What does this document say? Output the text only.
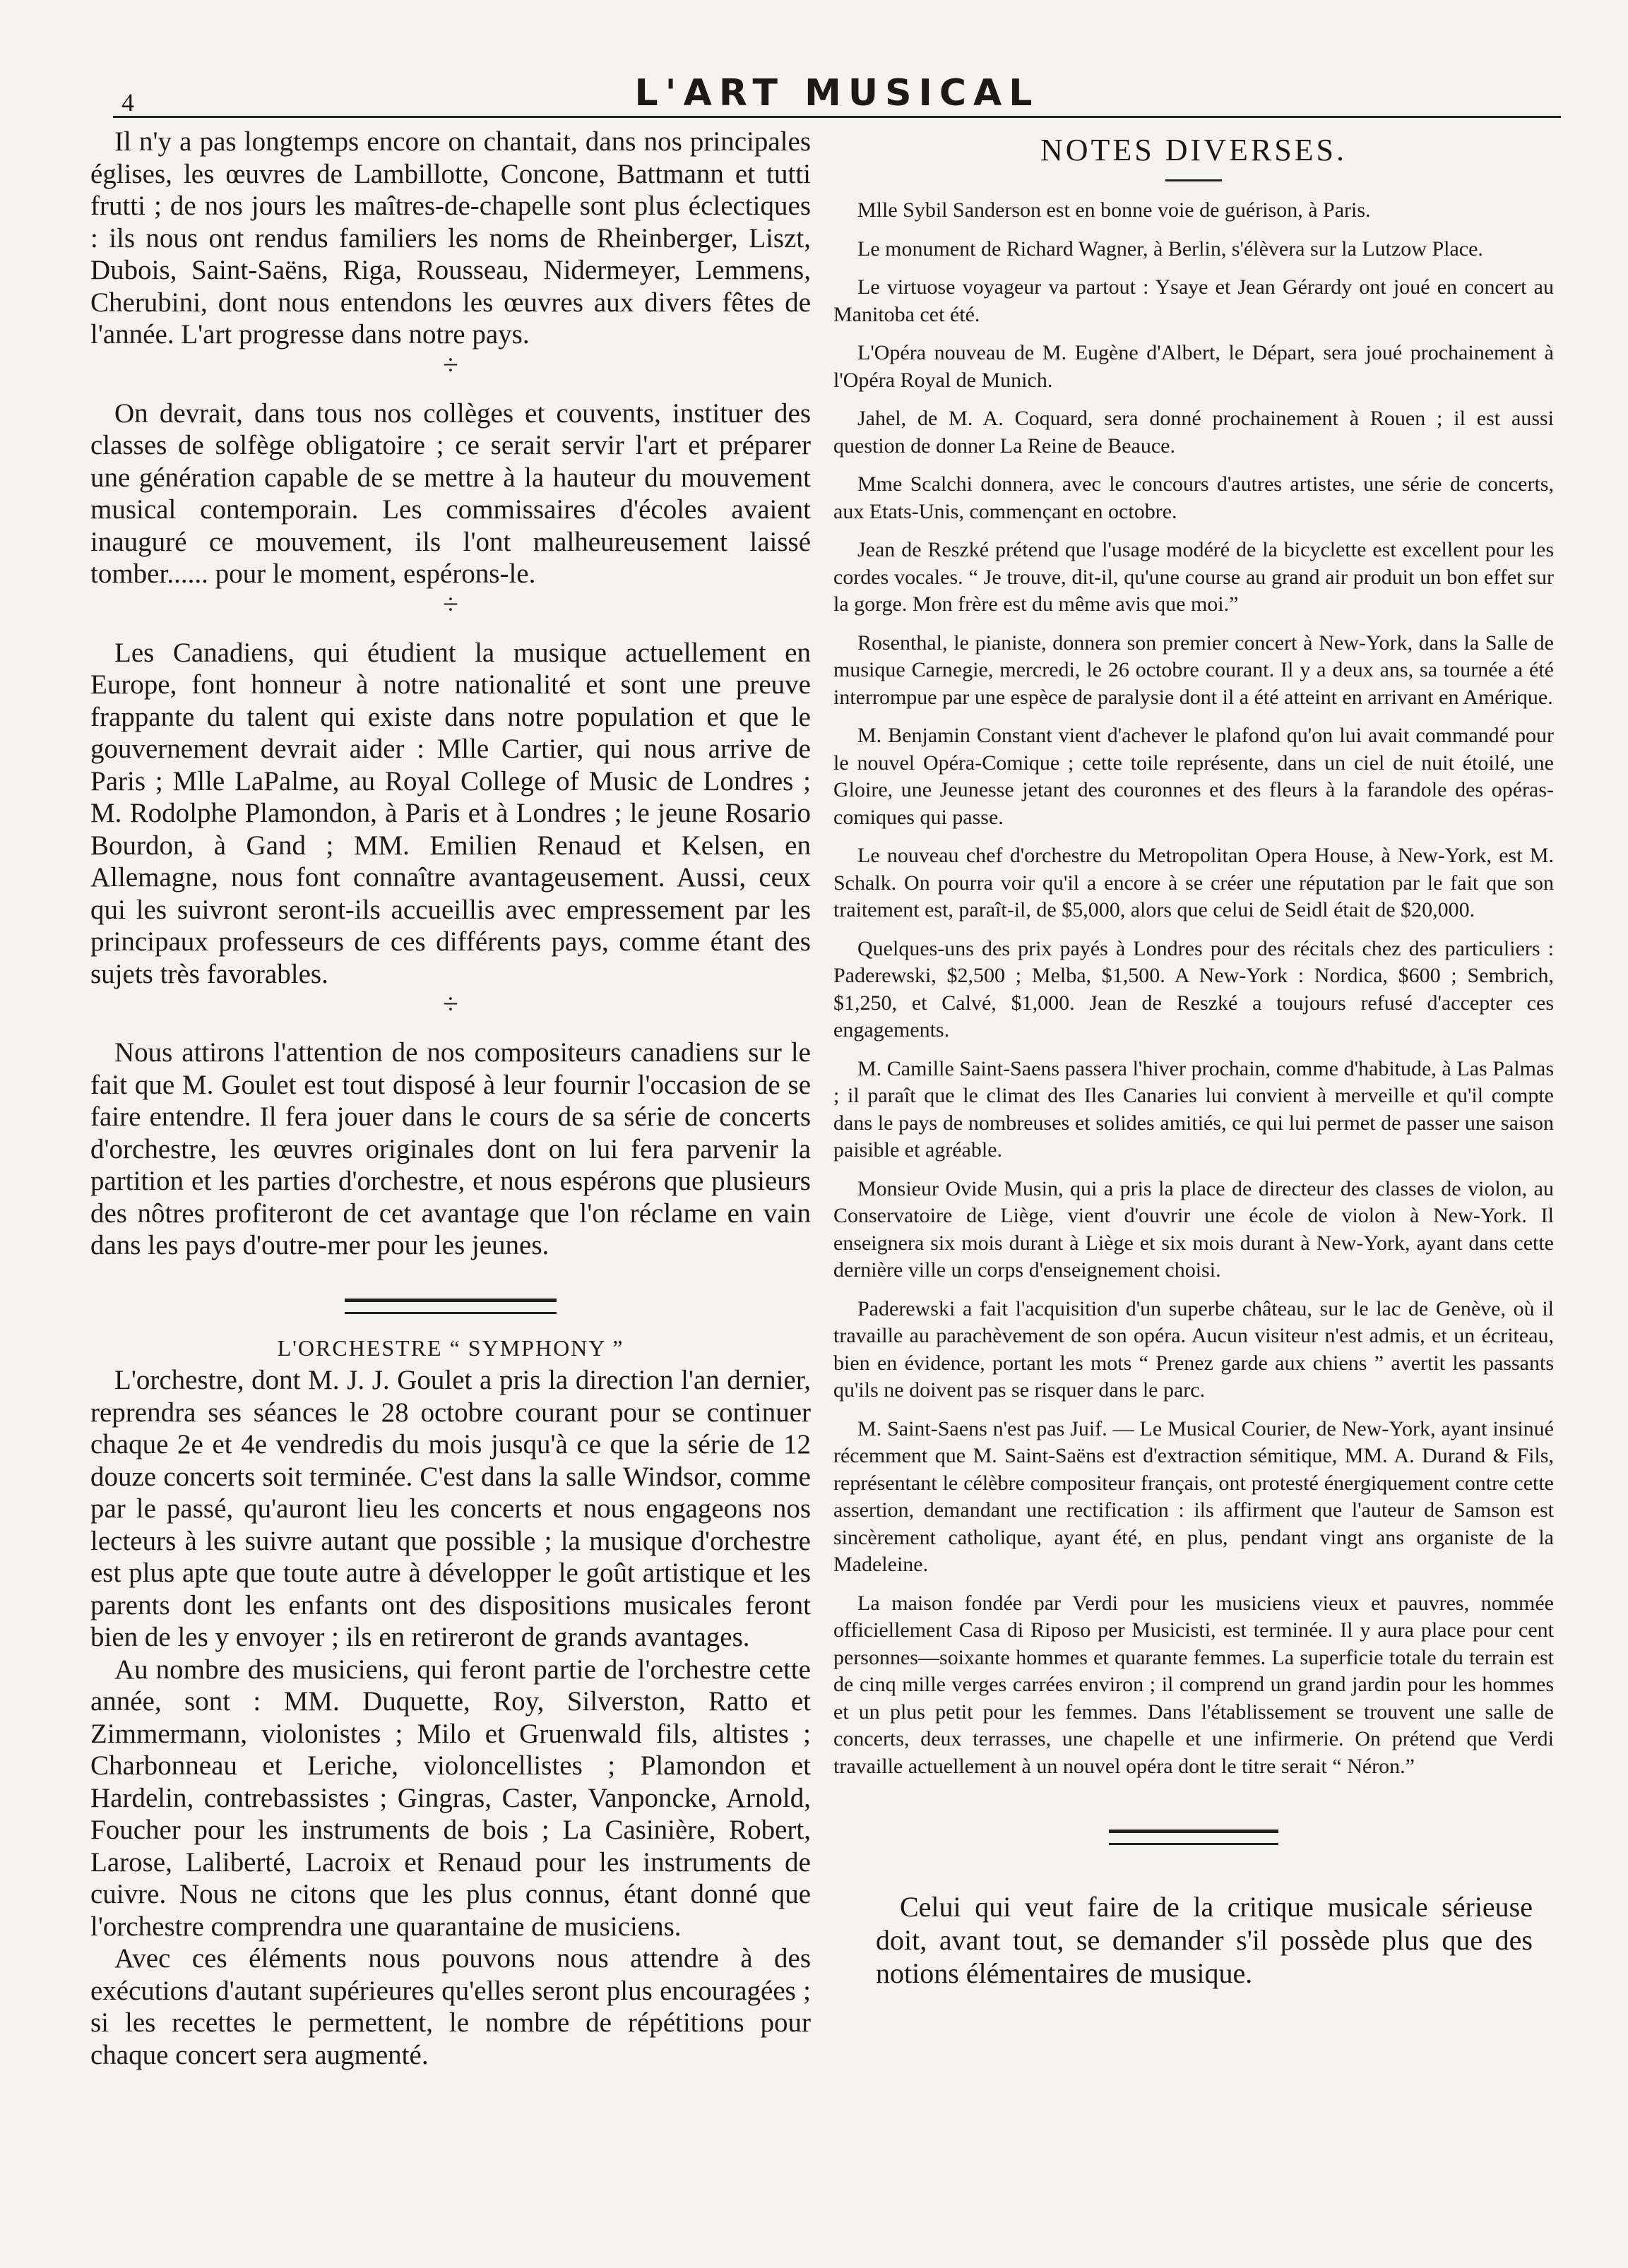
4	L'ART MUSICAL

Il n'y a pas longtemps encore on chantait, dans nos principales églises, les œuvres de Lambillotte, Concone, Battmann et tutti frutti ; de nos jours les maîtres-de-chapelle sont plus éclectiques : ils nous ont rendus familiers les noms de Rheinberger, Liszt, Dubois, Saint-Saëns, Riga, Rousseau, Nidermeyer, Lemmens, Cherubini, dont nous entendons les œuvres aux divers fêtes de l'année. L'art progresse dans notre pays.

÷

On devrait, dans tous nos collèges et couvents, instituer des classes de solfège obligatoire ; ce serait servir l'art et préparer une génération capable de se mettre à la hauteur du mouvement musical contemporain. Les commissaires d'écoles avaient inauguré ce mouvement, ils l'ont malheureusement laissé tomber...... pour le moment, espérons-le.

÷

Les Canadiens, qui étudient la musique actuellement en Europe, font honneur à notre nationalité et sont une preuve frappante du talent qui existe dans notre population et que le gouvernement devrait aider : Mlle Cartier, qui nous arrive de Paris ; Mlle LaPalme, au Royal College of Music de Londres ; M. Rodolphe Plamondon, à Paris et à Londres ; le jeune Rosario Bourdon, à Gand ; MM. Emilien Renaud et Kelsen, en Allemagne, nous font connaître avantageusement. Aussi, ceux qui les suivront seront-ils accueillis avec empressement par les principaux professeurs de ces différents pays, comme étant des sujets très favorables.

÷

Nous attirons l'attention de nos compositeurs canadiens sur le fait que M. Goulet est tout disposé à leur fournir l'occasion de se faire entendre. Il fera jouer dans le cours de sa série de concerts d'orchestre, les œuvres originales dont on lui fera parvenir la partition et les parties d'orchestre, et nous espérons que plusieurs des nôtres profiteront de cet avantage que l'on réclame en vain dans les pays d'outre-mer pour les jeunes.

L'ORCHESTRE “ SYMPHONY ”

L'orchestre, dont M. J. J. Goulet a pris la direction l'an dernier, reprendra ses séances le 28 octobre courant pour se continuer chaque 2e et 4e vendredis du mois jusqu'à ce que la série de 12 douze concerts soit terminée. C'est dans la salle Windsor, comme par le passé, qu'auront lieu les concerts et nous engageons nos lecteurs à les suivre autant que possible ; la musique d'orchestre est plus apte que toute autre à développer le goût artistique et les parents dont les enfants ont des dispositions musicales feront bien de les y envoyer ; ils en retireront de grands avantages.

Au nombre des musiciens, qui feront partie de l'orchestre cette année, sont : MM. Duquette, Roy, Silverston, Ratto et Zimmermann, violonistes ; Milo et Gruenwald fils, altistes ; Charbonneau et Leriche, violoncellistes ; Plamondon et Hardelin, contrebassistes ; Gingras, Caster, Vanponcke, Arnold, Foucher pour les instruments de bois ; La Casinière, Robert, Larose, Laliberté, Lacroix et Renaud pour les instruments de cuivre. Nous ne citons que les plus connus, étant donné que l'orchestre comprendra une quarantaine de musiciens.

Avec ces éléments nous pouvons nous attendre à des exécutions d'autant supérieures qu'elles seront plus encouragées ; si les recettes le permettent, le nombre de répétitions pour chaque concert sera augmenté.

NOTES DIVERSES.

Mlle Sybil Sanderson est en bonne voie de guérison, à Paris.

Le monument de Richard Wagner, à Berlin, s'élèvera sur la Lutzow Place.

Le virtuose voyageur va partout : Ysaye et Jean Gérardy ont joué en concert au Manitoba cet été.

L'Opéra nouveau de M. Eugène d'Albert, le Départ, sera joué prochainement à l'Opéra Royal de Munich.

Jahel, de M. A. Coquard, sera donné prochainement à Rouen ; il est aussi question de donner La Reine de Beauce.

Mme Scalchi donnera, avec le concours d'autres artistes, une série de concerts, aux Etats-Unis, commençant en octobre.

Jean de Reszké prétend que l'usage modéré de la bicyclette est excellent pour les cordes vocales. “ Je trouve, dit-il, qu'une course au grand air produit un bon effet sur la gorge. Mon frère est du même avis que moi.”

Rosenthal, le pianiste, donnera son premier concert à New-York, dans la Salle de musique Carnegie, mercredi, le 26 octobre courant. Il y a deux ans, sa tournée a été interrompue par une espèce de paralysie dont il a été atteint en arrivant en Amérique.

M. Benjamin Constant vient d'achever le plafond qu'on lui avait commandé pour le nouvel Opéra-Comique ; cette toile représente, dans un ciel de nuit étoilé, une Gloire, une Jeunesse jetant des couronnes et des fleurs à la farandole des opéras-comiques qui passe.

Le nouveau chef d'orchestre du Metropolitan Opera House, à New-York, est M. Schalk. On pourra voir qu'il a encore à se créer une réputation par le fait que son traitement est, paraît-il, de $5,000, alors que celui de Seidl était de $20,000.

Quelques-uns des prix payés à Londres pour des récitals chez des particuliers : Paderewski, $2,500 ; Melba, $1,500. A New-York : Nordica, $600 ; Sembrich, $1,250, et Calvé, $1,000. Jean de Reszké a toujours refusé d'accepter ces engagements.

M. Camille Saint-Saens passera l'hiver prochain, comme d'habitude, à Las Palmas ; il paraît que le climat des Iles Canaries lui convient à merveille et qu'il compte dans le pays de nombreuses et solides amitiés, ce qui lui permet de passer une saison paisible et agréable.

Monsieur Ovide Musin, qui a pris la place de directeur des classes de violon, au Conservatoire de Liège, vient d'ouvrir une école de violon à New-York. Il enseignera six mois durant à Liège et six mois durant à New-York, ayant dans cette dernière ville un corps d'enseignement choisi.

Paderewski a fait l'acquisition d'un superbe château, sur le lac de Genève, où il travaille au parachèvement de son opéra. Aucun visiteur n'est admis, et un écriteau, bien en évidence, portant les mots “ Prenez garde aux chiens ” avertit les passants qu'ils ne doivent pas se risquer dans le parc.

M. Saint-Saens n'est pas Juif. — Le Musical Courier, de New-York, ayant insinué récemment que M. Saint-Saëns est d'extraction sémitique, MM. A. Durand & Fils, représentant le célèbre compositeur français, ont protesté énergiquement contre cette assertion, demandant une rectification : ils affirment que l'auteur de Samson est sincèrement catholique, ayant été, en plus, pendant vingt ans organiste de la Madeleine.

La maison fondée par Verdi pour les musiciens vieux et pauvres, nommée officiellement Casa di Riposo per Musicisti, est terminée. Il y aura place pour cent personnes—soixante hommes et quarante femmes. La superficie totale du terrain est de cinq mille verges carrées environ ; il comprend un grand jardin pour les hommes et un plus petit pour les femmes. Dans l'établissement se trouvent une salle de concerts, deux terrasses, une chapelle et une infirmerie. On prétend que Verdi travaille actuellement à un nouvel opéra dont le titre serait “ Néron.”

Celui qui veut faire de la critique musicale sérieuse doit, avant tout, se demander s'il possède plus que des notions élémentaires de musique.
